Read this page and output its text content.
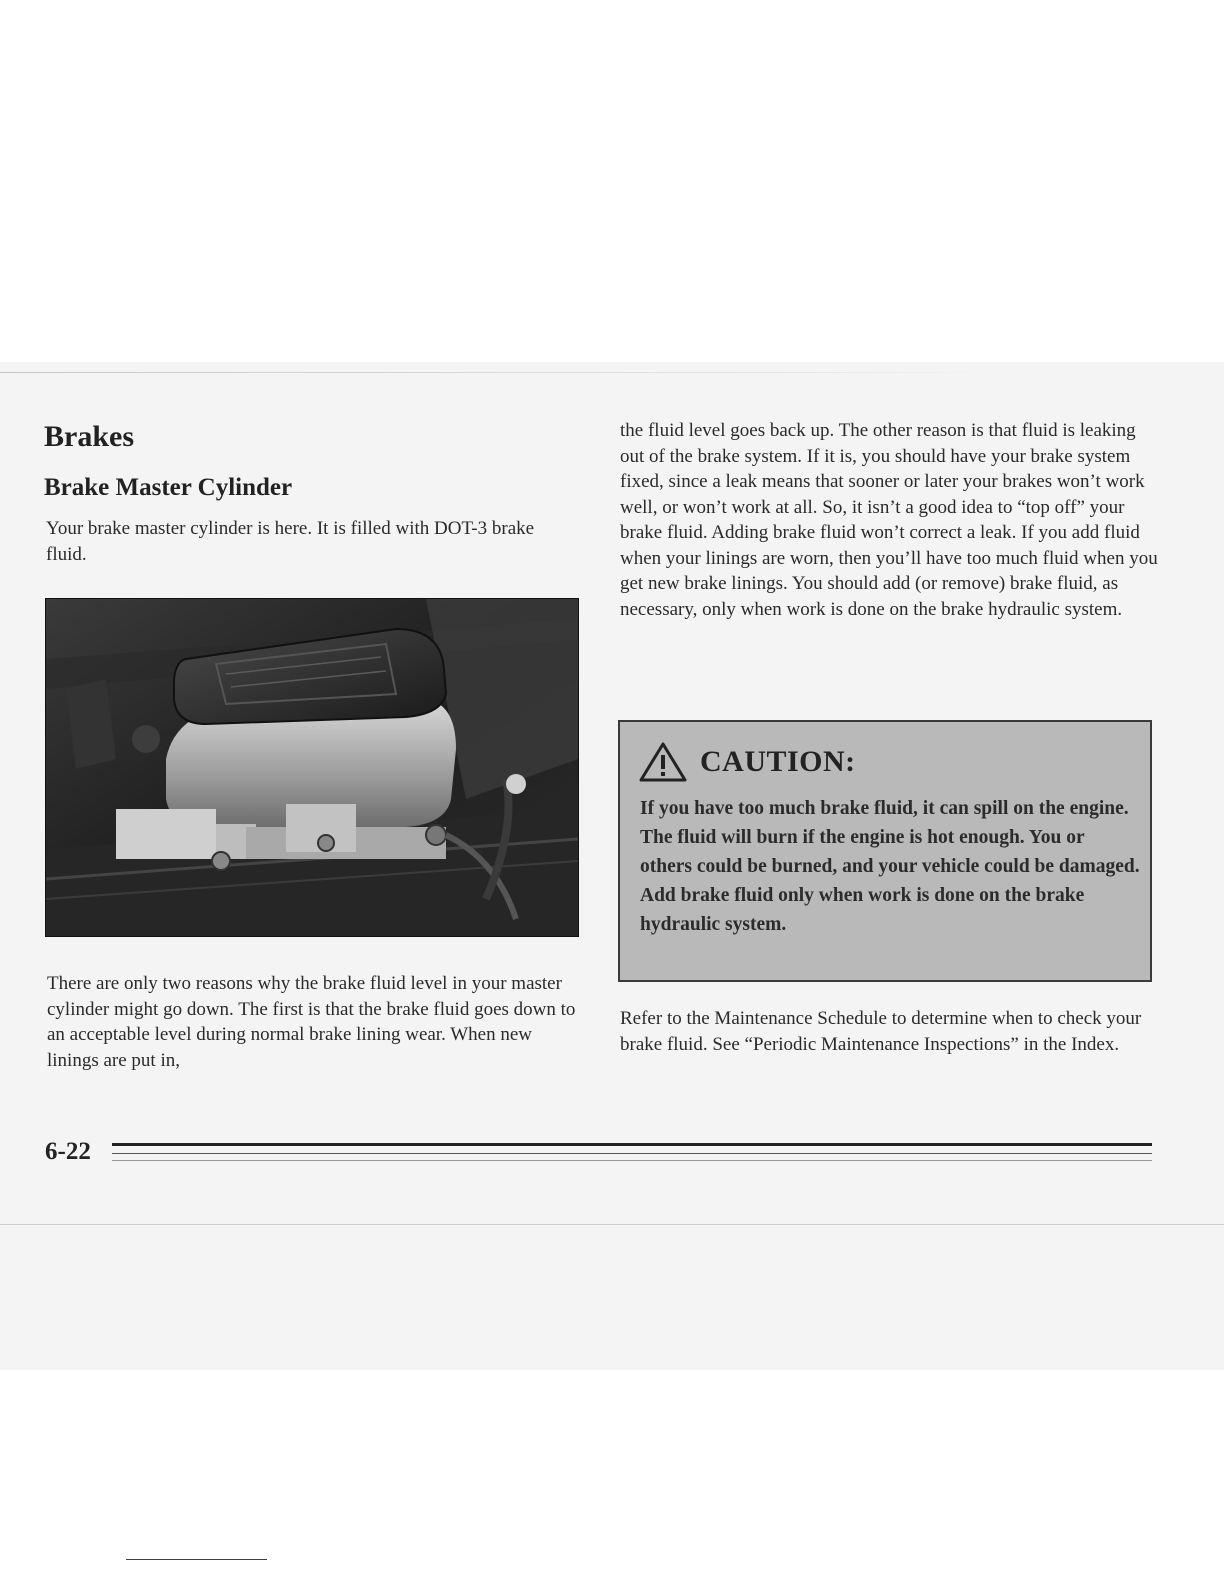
Brakes
Brake Master Cylinder

Your brake master cylinder is here. It is filled with DOT-3 brake fluid.

There are only two reasons why the brake fluid level in your master cylinder might go down. The first is that the brake fluid goes down to an acceptable level during normal brake lining wear. When new linings are put in,

the fluid level goes back up. The other reason is that fluid is leaking out of the brake system. If it is, you should have your brake system fixed, since a leak means that sooner or later your brakes won’t work well, or won’t work at all. So, it isn’t a good idea to “top off” your brake fluid. Adding brake fluid won’t correct a leak. If you add fluid when your linings are worn, then you’ll have too much fluid when you get new brake linings. You should add (or remove) brake fluid, as necessary, only when work is done on the brake hydraulic system.

CAUTION:

If you have too much brake fluid, it can spill on the engine. The fluid will burn if the engine is hot enough. You or others could be burned, and your vehicle could be damaged. Add brake fluid only when work is done on the brake hydraulic system.

Refer to the Maintenance Schedule to determine when to check your brake fluid. See “Periodic Maintenance Inspections” in the Index.

6-22
